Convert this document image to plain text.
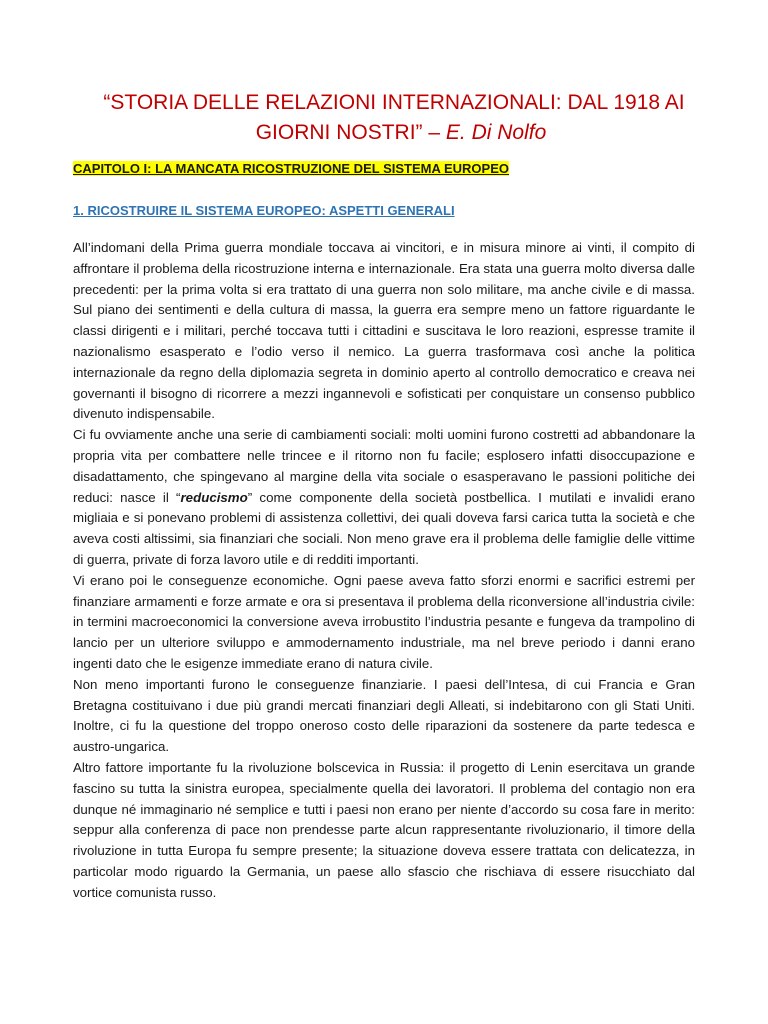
“STORIA DELLE RELAZIONI INTERNAZIONALI: DAL 1918 AI
GIORNI NOSTRI” – E. Di Nolfo
CAPITOLO I: LA MANCATA RICOSTRUZIONE DEL SISTEMA EUROPEO
1. RICOSTRUIRE IL SISTEMA EUROPEO: ASPETTI GENERALI

All’indomani della Prima guerra mondiale toccava ai vincitori, e in misura minore ai vinti, il compito di affrontare il problema della ricostruzione interna e internazionale. Era stata una guerra molto diversa dalle precedenti: per la prima volta si era trattato di una guerra non solo militare, ma anche civile e di massa. Sul piano dei sentimenti e della cultura di massa, la guerra era sempre meno un fattore riguardante le classi dirigenti e i militari, perché toccava tutti i cittadini e suscitava le loro reazioni, espresse tramite il nazionalismo esasperato e l’odio verso il nemico. La guerra trasformava così anche la politica internazionale da regno della diplomazia segreta in dominio aperto al controllo democratico e creava nei governanti il bisogno di ricorrere a mezzi ingannevoli e sofisticati per conquistare un consenso pubblico divenuto indispensabile.

Ci fu ovviamente anche una serie di cambiamenti sociali: molti uomini furono costretti ad abbandonare la propria vita per combattere nelle trincee e il ritorno non fu facile; esplosero infatti disoccupazione e disadattamento, che spingevano al margine della vita sociale o esasperavano le passioni politiche dei reduci: nasce il “reducismo” come componente della società postbellica. I mutilati e invalidi erano migliaia e si ponevano problemi di assistenza collettivi, dei quali doveva farsi carica tutta la società e che aveva costi altissimi, sia finanziari che sociali. Non meno grave era il problema delle famiglie delle vittime di guerra, private di forza lavoro utile e di redditi importanti.

Vi erano poi le conseguenze economiche. Ogni paese aveva fatto sforzi enormi e sacrifici estremi per finanziare armamenti e forze armate e ora si presentava il problema della riconversione all’industria civile: in termini macroeconomici la conversione aveva irrobustito l’industria pesante e fungeva da trampolino di lancio per un ulteriore sviluppo e ammodernamento industriale, ma nel breve periodo i danni erano ingenti dato che le esigenze immediate erano di natura civile.

Non meno importanti furono le conseguenze finanziarie. I paesi dell’Intesa, di cui Francia e Gran Bretagna costituivano i due più grandi mercati finanziari degli Alleati, si indebitarono con gli Stati Uniti. Inoltre, ci fu la questione del troppo oneroso costo delle riparazioni da sostenere da parte tedesca e austro-ungarica.

Altro fattore importante fu la rivoluzione bolscevica in Russia: il progetto di Lenin esercitava un grande fascino su tutta la sinistra europea, specialmente quella dei lavoratori. Il problema del contagio non era dunque né immaginario né semplice e tutti i paesi non erano per niente d’accordo su cosa fare in merito: seppur alla conferenza di pace non prendesse parte alcun rappresentante rivoluzionario, il timore della rivoluzione in tutta Europa fu sempre presente; la situazione doveva essere trattata con delicatezza, in particolar modo riguardo la Germania, un paese allo sfascio che rischiava di essere risucchiato dal vortice comunista russo.
